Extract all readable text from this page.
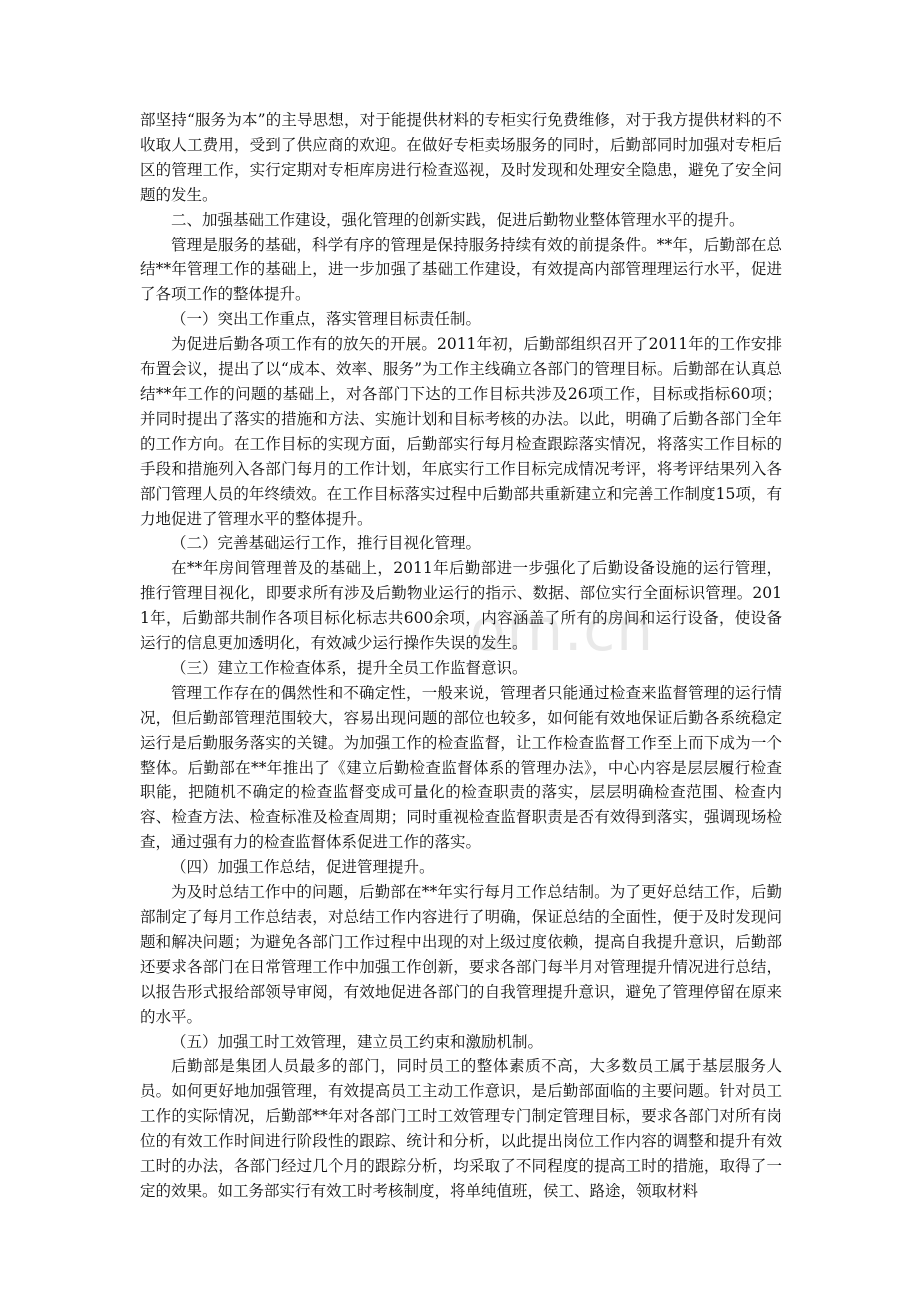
om.cn

部坚持“服务为本”的主导思想，对于能提供材料的专柜实行免费维修，对于我方提供材料的不收取人工费用，受到了供应商的欢迎。在做好专柜卖场服务的同时，后勤部同时加强对专柜后区的管理工作，实行定期对专柜库房进行检查巡视，及时发现和处理安全隐患，避免了安全问题的发生。

二、加强基础工作建设，强化管理的创新实践，促进后勤物业整体管理水平的提升。

管理是服务的基础，科学有序的管理是保持服务持续有效的前提条件。**年，后勤部在总结**年管理工作的基础上，进一步加强了基础工作建设，有效提高内部管理理运行水平，促进了各项工作的整体提升。

（一）突出工作重点，落实管理目标责任制。

为促进后勤各项工作有的放矢的开展。2011年初，后勤部组织召开了2011年的工作安排布置会议，提出了以“成本、效率、服务”为工作主线确立各部门的管理目标。后勤部在认真总结**年工作的问题的基础上，对各部门下达的工作目标共涉及26项工作，目标或指标60项；并同时提出了落实的措施和方法、实施计划和目标考核的办法。以此，明确了后勤各部门全年的工作方向。在工作目标的实现方面，后勤部实行每月检查跟踪落实情况，将落实工作目标的手段和措施列入各部门每月的工作计划，年底实行工作目标完成情况考评，将考评结果列入各部门管理人员的年终绩效。在工作目标落实过程中后勤部共重新建立和完善工作制度15项，有力地促进了管理水平的整体提升。

（二）完善基础运行工作，推行目视化管理。

在**年房间管理普及的基础上，2011年后勤部进一步强化了后勤设备设施的运行管理，推行管理目视化，即要求所有涉及后勤物业运行的指示、数据、部位实行全面标识管理。2011年，后勤部共制作各项目标化标志共600余项，内容涵盖了所有的房间和运行设备，使设备运行的信息更加透明化，有效减少运行操作失误的发生。

（三）建立工作检查体系，提升全员工作监督意识。

管理工作存在的偶然性和不确定性，一般来说，管理者只能通过检查来监督管理的运行情况，但后勤部管理范围较大，容易出现问题的部位也较多，如何能有效地保证后勤各系统稳定运行是后勤服务落实的关键。为加强工作的检查监督，让工作检查监督工作至上而下成为一个整体。后勤部在**年推出了《建立后勤检查监督体系的管理办法》，中心内容是层层履行检查职能，把随机不确定的检查监督变成可量化的检查职责的落实，层层明确检查范围、检查内容、检查方法、检查标准及检查周期；同时重视检查监督职责是否有效得到落实，强调现场检查，通过强有力的检查监督体系促进工作的落实。

（四）加强工作总结，促进管理提升。

为及时总结工作中的问题，后勤部在**年实行每月工作总结制。为了更好总结工作，后勤部制定了每月工作总结表，对总结工作内容进行了明确，保证总结的全面性，便于及时发现问题和解决问题；为避免各部门工作过程中出现的对上级过度依赖，提高自我提升意识，后勤部还要求各部门在日常管理工作中加强工作创新，要求各部门每半月对管理提升情况进行总结，以报告形式报给部领导审阅，有效地促进各部门的自我管理提升意识，避免了管理停留在原来的水平。

（五）加强工时工效管理，建立员工约束和激励机制。

后勤部是集团人员最多的部门，同时员工的整体素质不高，大多数员工属于基层服务人员。如何更好地加强管理，有效提高员工主动工作意识，是后勤部面临的主要问题。针对员工工作的实际情况，后勤部**年对各部门工时工效管理专门制定管理目标，要求各部门对所有岗位的有效工作时间进行阶段性的跟踪、统计和分析，以此提出岗位工作内容的调整和提升有效工时的办法，各部门经过几个月的跟踪分析，均采取了不同程度的提高工时的措施，取得了一定的效果。如工务部实行有效工时考核制度，将单纯值班，侯工、路途，领取材料
